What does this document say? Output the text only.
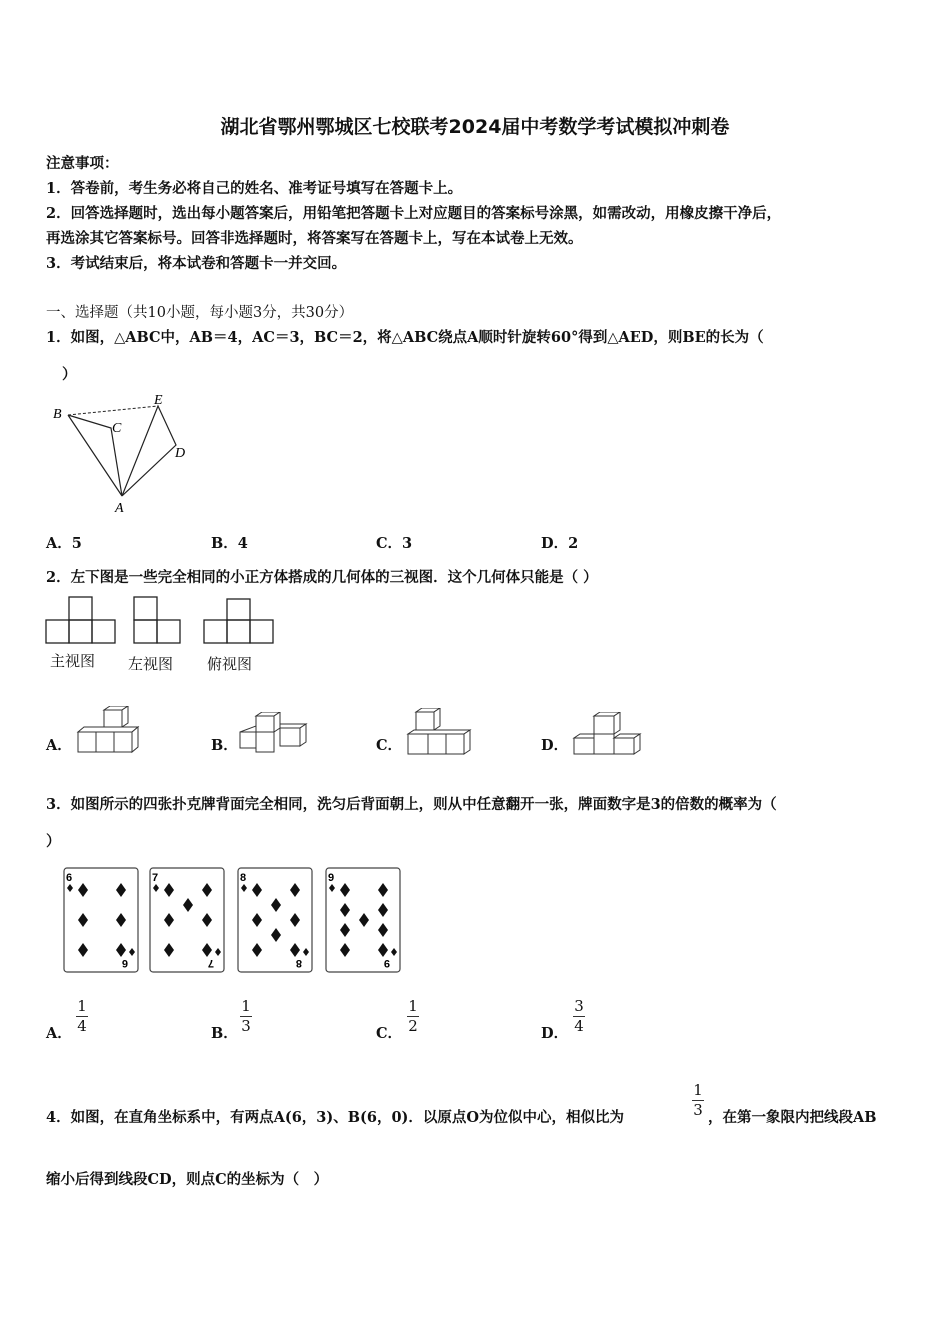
湖北省鄂州鄂城区七校联考2024届中考数学考试模拟冲刺卷
注意事项：
1．答卷前，考生务必将自己的姓名、准考证号填写在答题卡上。
2．回答选择题时，选出每小题答案后，用铅笔把答题卡上对应题目的答案标号涂黑，如需改动，用橡皮擦干净后，
再选涂其它答案标号。回答非选择题时，将答案写在答题卡上，写在本试卷上无效。
3．考试结束后，将本试卷和答题卡一并交回。
一、选择题（共10小题，每小题3分，共30分）
1．如图，△ABC中，AB＝4，AC＝3，BC＝2，将△ABC绕点A顺时针旋转60°得到△AED，则BE的长为（
）
B
C
E
D
A
A．5	B．4	C．3	D．2
2．左下图是一些完全相同的小正方体搭成的几何体的三视图．这个几何体只能是（ ）
主视图 左视图 俯视图
A．	B．	C．	D．
3．如图所示的四张扑克牌背面完全相同，洗匀后背面朝上，则从中任意翻开一张，牌面数字是3的倍数的概率为（
）
6
6
7
7
8
8
9
9
A．
1
4	B．
1
3	C．
1
2	D．
3
4
4．如图，在直角坐标系中，有两点A(6，3)、B(6，0)．以原点O为位似中心，相似比为
1
3 ，在第一象限内把线段AB
缩小后得到线段CD，则点C的坐标为（　）
